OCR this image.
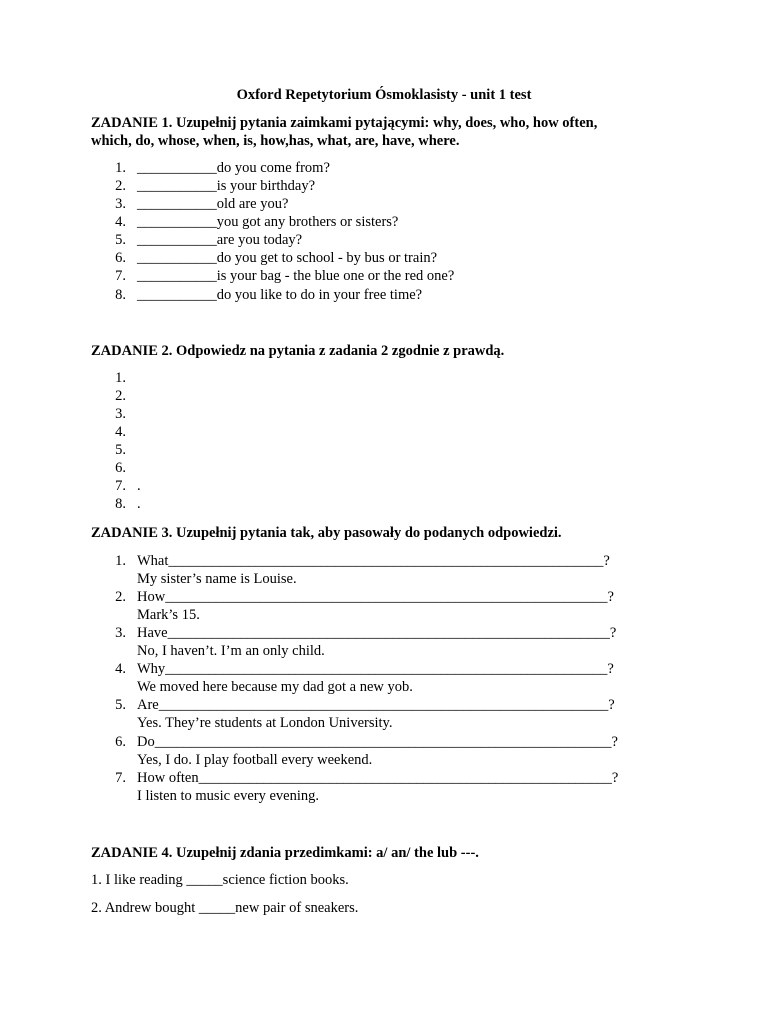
Oxford Repetytorium Ósmoklasisty - unit 1 test
ZADANIE 1. Uzupełnij pytania zaimkami pytającymi: why, does, who, how often,
which, do, whose, when, is, how,has, what, are, have, where.
1. ___________do you come from?
2. ___________is your birthday?
3. ___________old are you?
4. ___________you got any brothers or sisters?
5. ___________are you today?
6. ___________do you get to school - by bus or train?
7. ___________is your bag - the blue one or the red one?
8. ___________do you like to do in your free time?
ZADANIE 2. Odpowiedz na pytania z zadania 2 zgodnie z prawdą.
1.
2.
3.
4.
5.
6.
7. .
8. .
ZADANIE 3. Uzupełnij pytania tak, aby pasowały do podanych odpowiedzi.
1. What____________________________________________________________?
My sister’s name is Louise.
2. How_____________________________________________________________?
Mark’s 15.
3. Have_____________________________________________________________?
No, I haven’t. I’m an only child.
4. Why_____________________________________________________________?
We moved here because my dad got a new yob.
5. Are______________________________________________________________?
Yes. They’re students at London University.
6. Do_______________________________________________________________?
Yes, I do. I play football every weekend.
7. How often_________________________________________________________?
I listen to music every evening.
ZADANIE 4. Uzupełnij zdania przedimkami: a/ an/ the lub ---.
1. I like reading _____science fiction books.
2. Andrew bought _____new pair of sneakers.
